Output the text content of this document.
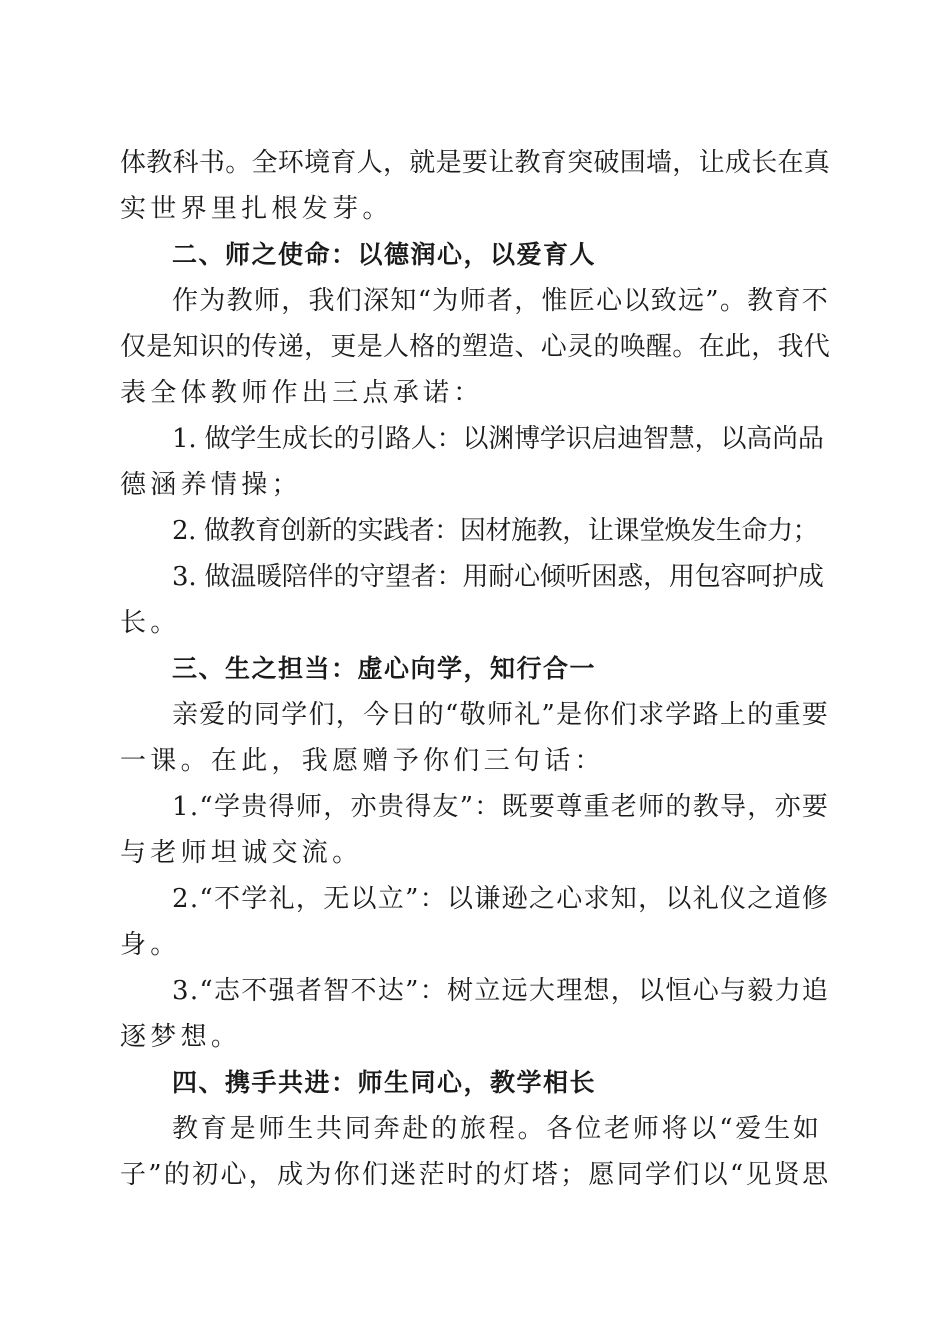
体教科书。全环境育人，就是要让教育突破围墙，让成长在真
实世界里扎根发芽。
二、师之使命：以德润心，以爱育人
作为教师，我们深知“为师者，惟匠心以致远”。教育不
仅是知识的传递，更是人格的塑造、心灵的唤醒。在此，我代
表全体教师作出三点承诺：
1. 做学生成长的引路人：以渊博学识启迪智慧，以高尚品
德涵养情操；
2. 做教育创新的实践者：因材施教，让课堂焕发生命力；
3. 做温暖陪伴的守望者：用耐心倾听困惑，用包容呵护成
长。
三、生之担当：虚心向学，知行合一
亲爱的同学们，今日的“敬师礼”是你们求学路上的重要
一课。在此，我愿赠予你们三句话：
1.“学贵得师，亦贵得友”：既要尊重老师的教导，亦要
与老师坦诚交流。
2.“不学礼，无以立”：以谦逊之心求知，以礼仪之道修
身。
3.“志不强者智不达”：树立远大理想，以恒心与毅力追
逐梦想。
四、携手共进：师生同心，教学相长
教育是师生共同奔赴的旅程。各位老师将以“爱生如
子”的初心，成为你们迷茫时的灯塔；愿同学们以“见贤思
